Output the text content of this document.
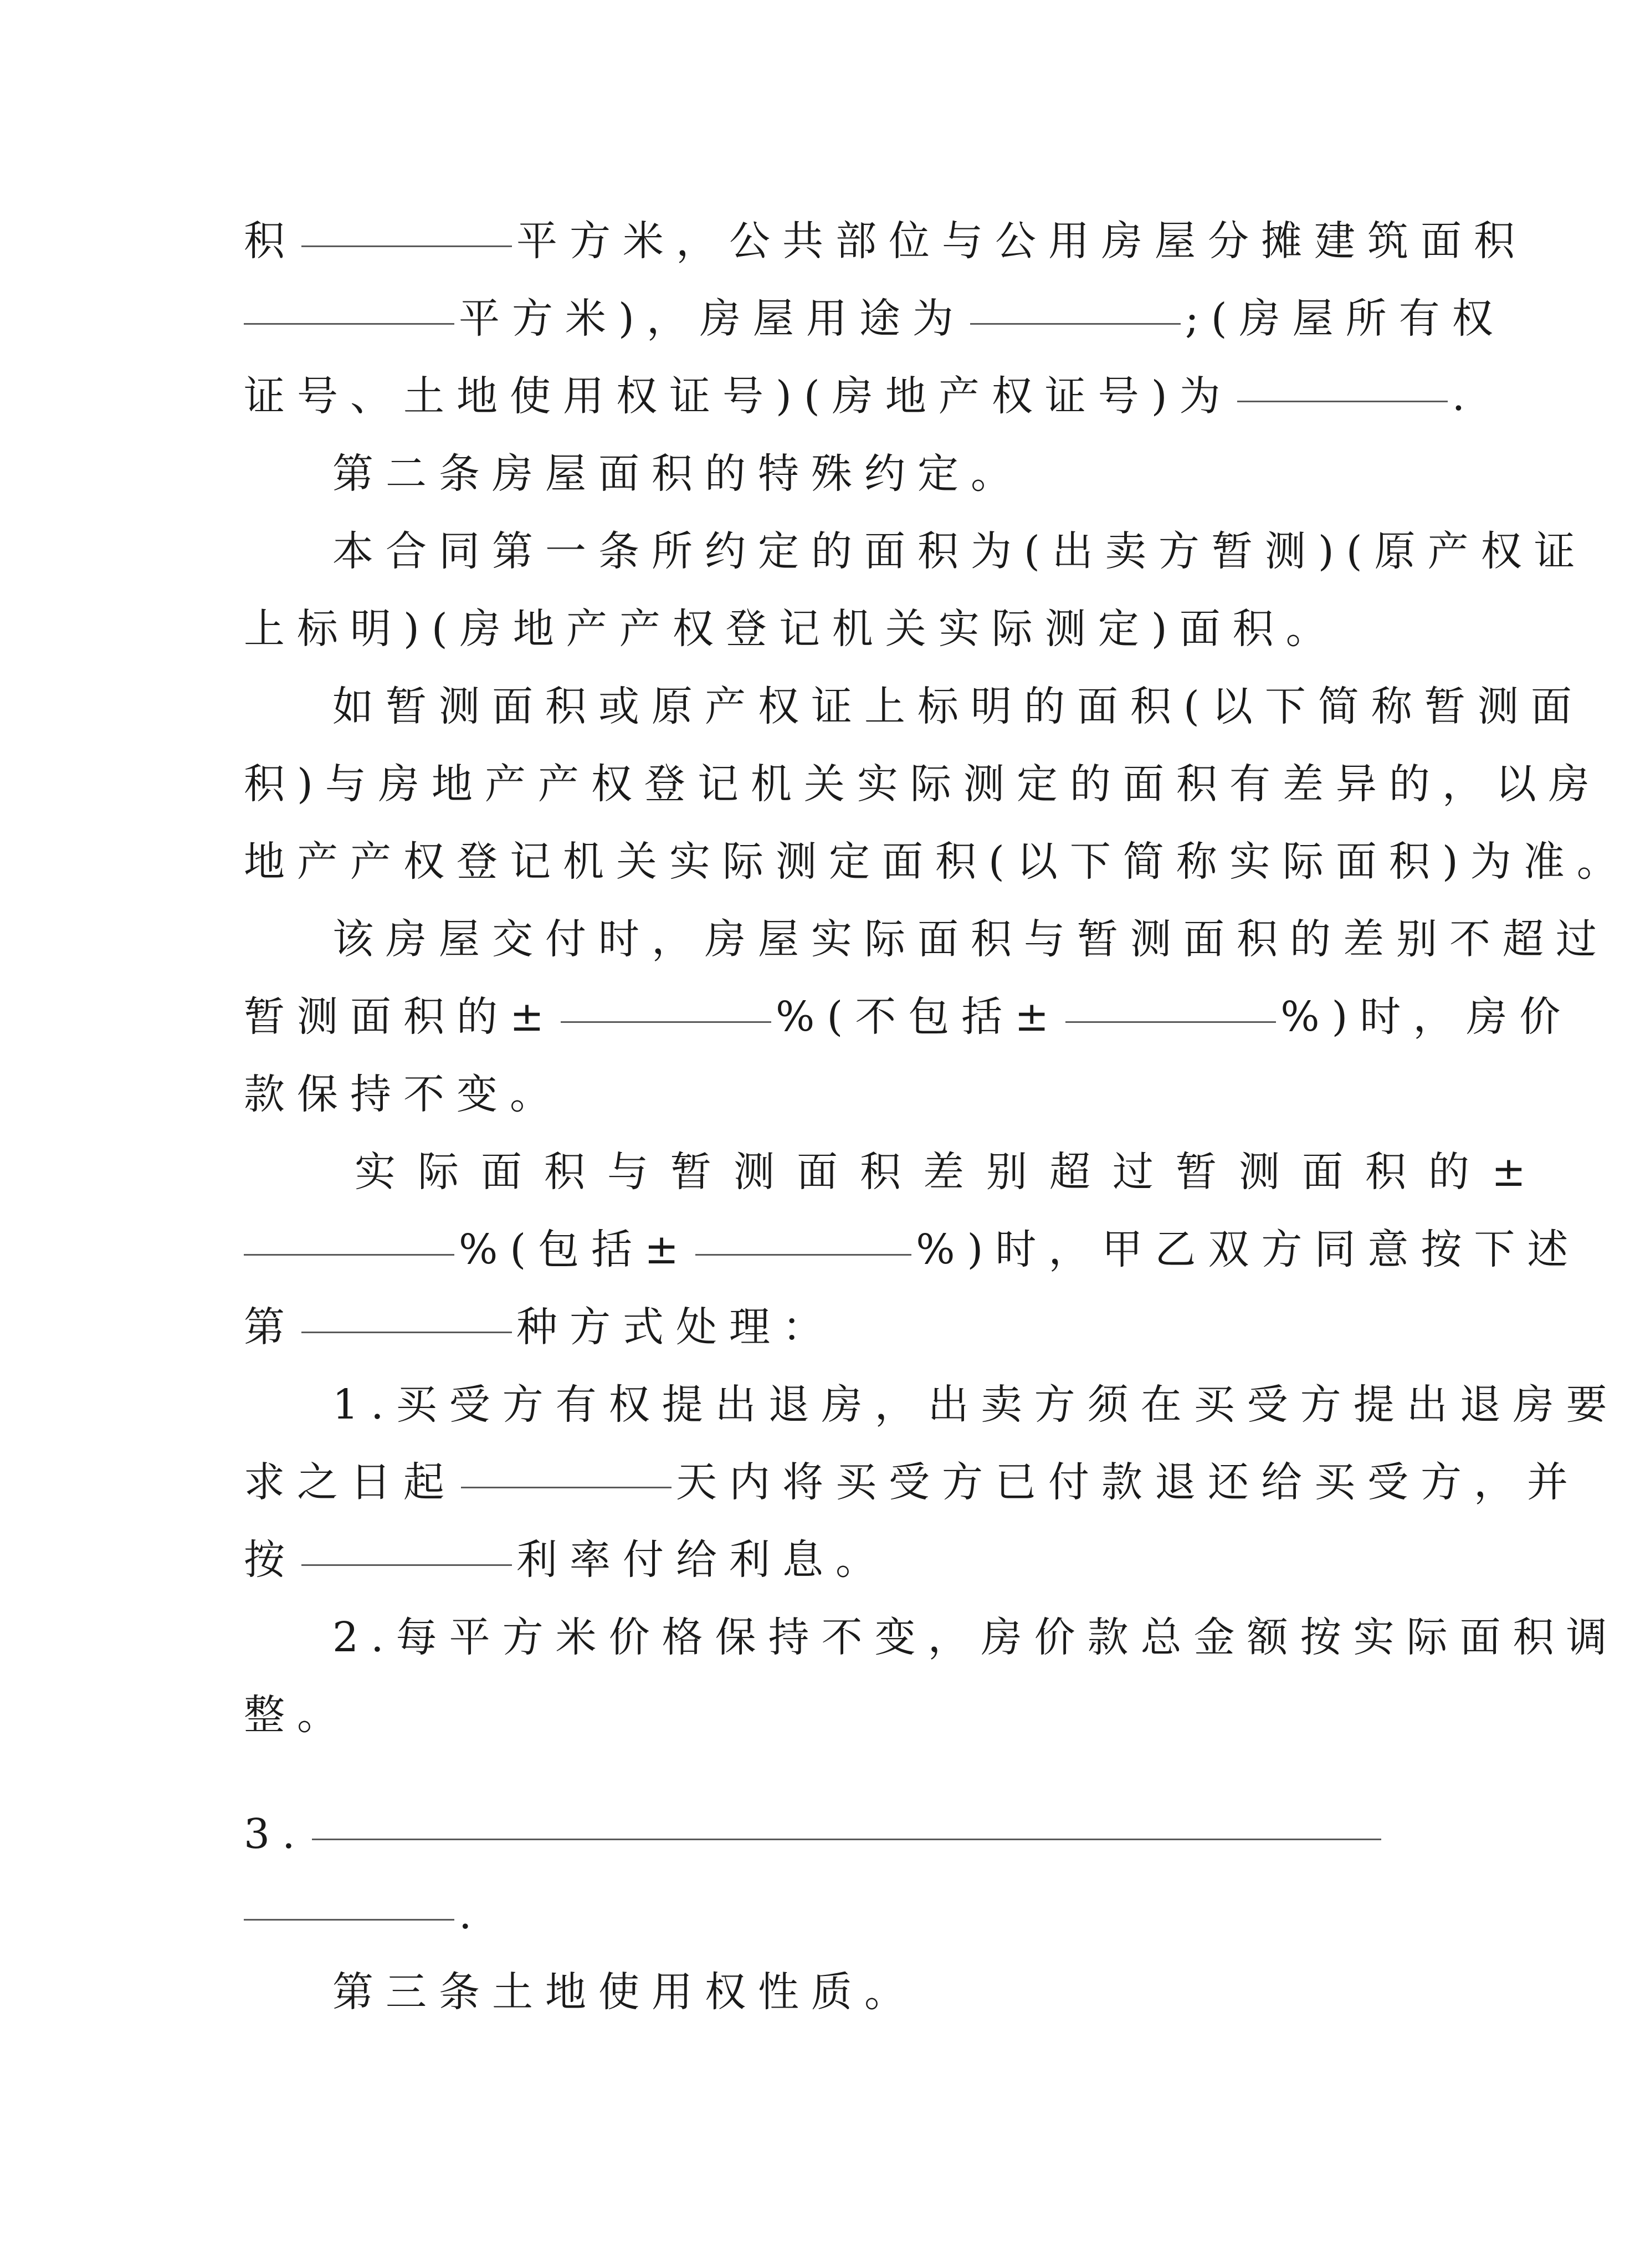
积	平方米，公共部位与公用房屋分摊建筑面积
平方米)，房屋用途为	;(房屋所有权
证号、土地使用权证号)(房地产权证号)为	.
第二条房屋面积的特殊约定。
本合同第一条所约定的面积为(出卖方暂测)(原产权证
上标明)(房地产产权登记机关实际测定)面积。
如暂测面积或原产权证上标明的面积(以下简称暂测面
积)与房地产产权登记机关实际测定的面积有差异的，以房
地产产权登记机关实际测定面积(以下简称实际面积)为准。
该房屋交付时，房屋实际面积与暂测面积的差别不超过
暂测面积的±	%(不包括±	%)时，房价
款保持不变。
实际面积与暂测面积差别超过暂测面积的±
%(包括±	%)时，甲乙双方同意按下述
第	种方式处理：
1.买受方有权提出退房，出卖方须在买受方提出退房要
求之日起	天内将买受方已付款退还给买受方，并
按	利率付给利息。
2.每平方米价格保持不变，房价款总金额按实际面积调
整。
3.
.
第三条土地使用权性质。
